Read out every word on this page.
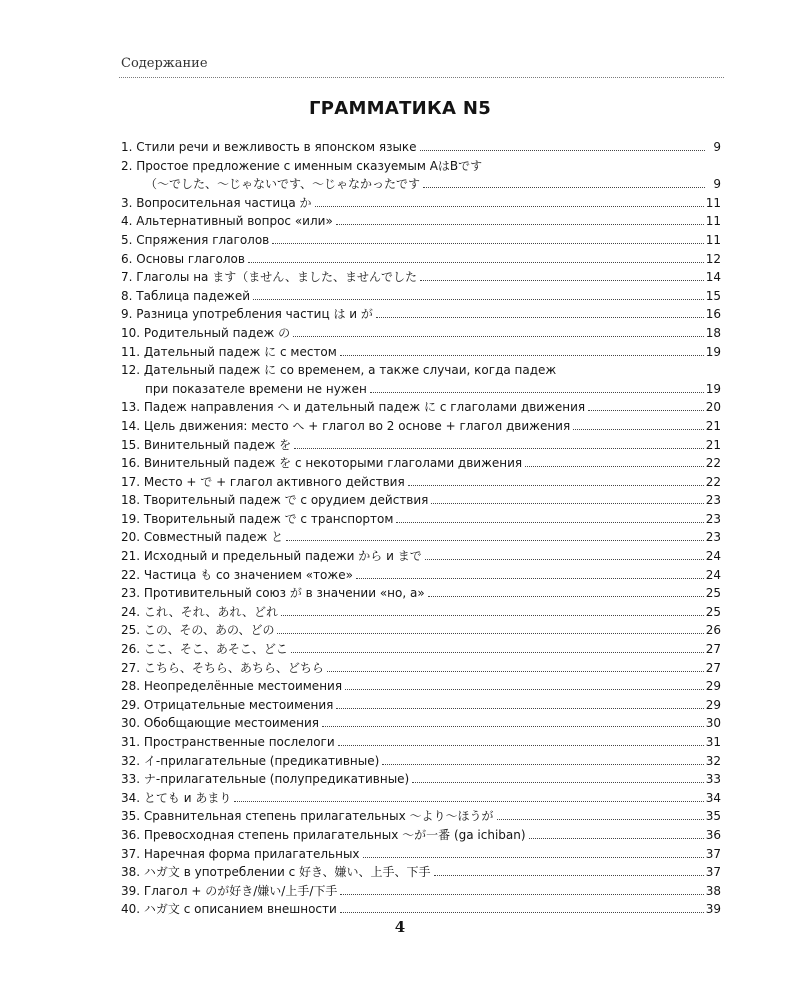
Содержание
ГРАММАТИКА N5
1. Стили речи и вежливость в японском языке	9
2. Простое предложение с именным сказуемым AはBです
（〜でした、〜じゃないです、〜じゃなかったです	9
3. Вопросительная частица か	11
4. Альтернативный вопрос «или»	11
5. Спряжения глаголов	11
6. Основы глаголов	12
7. Глаголы на ます（ません、ました、ませんでした	14
8. Таблица падежей	15
9. Разница употребления частиц は и が	16
10. Родительный падеж の	18
11. Дательный падеж に с местом	19
12. Дательный падеж に со временем, а также случаи, когда падеж
при показателе времени не нужен	19
13. Падеж направления へ и дательный падеж に с глаголами движения	20
14. Цель движения: место へ + глагол во 2 основе + глагол движения	21
15. Винительный падеж を	21
16. Винительный падеж を с некоторыми глаголами движения	22
17. Место + で + глагол активного действия	22
18. Творительный падеж で с орудием действия	23
19. Творительный падеж で с транспортом	23
20. Совместный падеж と	23
21. Исходный и предельный падежи から и まで	24
22. Частица も со значением «тоже»	24
23. Противительный союз が в значении «но, а»	25
24. これ、それ、あれ、どれ	25
25. この、その、あの、どの	26
26. ここ、そこ、あそこ、どこ	27
27. こちら、そちら、あちら、どちら	27
28. Неопределённые местоимения	29
29. Отрицательные местоимения	29
30. Обобщающие местоимения	30
31. Пространственные послелоги	31
32. イ-прилагательные (предикативные)	32
33. ナ-прилагательные (полупредикативные)	33
34. とても и あまり	34
35. Сравнительная степень прилагательных 〜より〜ほうが	35
36. Превосходная степень прилагательных 〜が一番 (ga ichiban)	36
37. Наречная форма прилагательных	37
38. ハガ文 в употреблении с 好き、嫌い、上手、下手	37
39. Глагол + のが好き/嫌い/上手/下手	38
40. ハガ文 с описанием внешности	39
4
